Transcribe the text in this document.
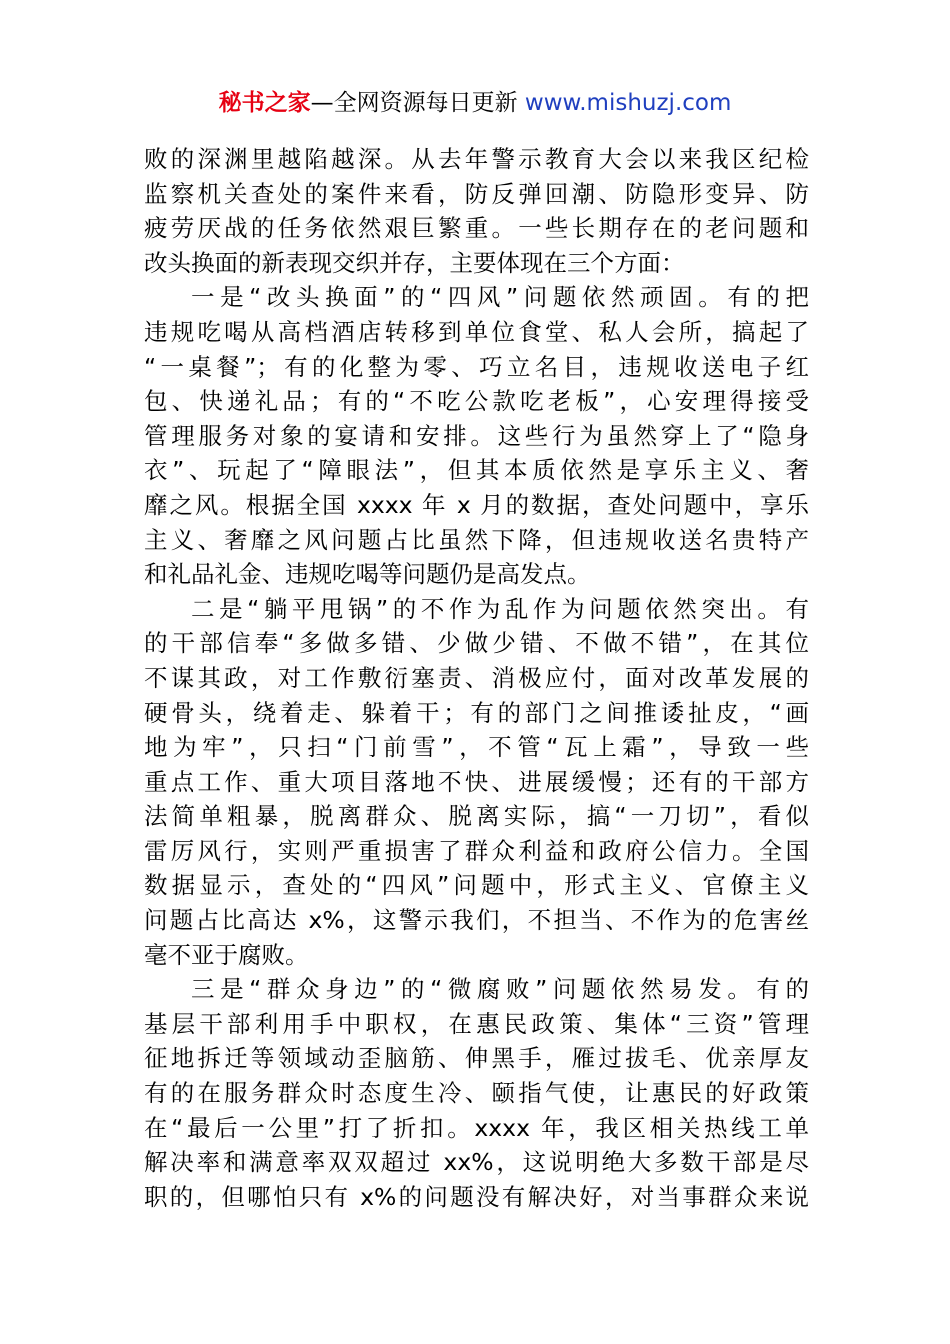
秘书之家—全网资源每日更新 www.mishuzj.com
败的深渊里越陷越深。从去年警示教育大会以来我区纪检
监察机关查处的案件来看，防反弹回潮、防隐形变异、防
疲劳厌战的任务依然艰巨繁重。一些长期存在的老问题和
改头换面的新表现交织并存，主要体现在三个方面：
一是“改头换面”的“四风”问题依然顽固。有的把
违规吃喝从高档酒店转移到单位食堂、私人会所，搞起了
“一桌餐”；有的化整为零、巧立名目，违规收送电子红
包、快递礼品；有的“不吃公款吃老板”，心安理得接受
管理服务对象的宴请和安排。这些行为虽然穿上了“隐身
衣”、玩起了“障眼法”，但其本质依然是享乐主义、奢
靡之风。根据全国 xxxx 年 x 月的数据，查处问题中，享乐
主义、奢靡之风问题占比虽然下降，但违规收送名贵特产
和礼品礼金、违规吃喝等问题仍是高发点。
二是“躺平甩锅”的不作为乱作为问题依然突出。有
的干部信奉“多做多错、少做少错、不做不错”，在其位
不谋其政，对工作敷衍塞责、消极应付，面对改革发展的
硬骨头，绕着走、躲着干；有的部门之间推诿扯皮，“画
地为牢”，只扫“门前雪”，不管“瓦上霜”，导致一些
重点工作、重大项目落地不快、进展缓慢；还有的干部方
法简单粗暴，脱离群众、脱离实际，搞“一刀切”，看似
雷厉风行，实则严重损害了群众利益和政府公信力。全国
数据显示，查处的“四风”问题中，形式主义、官僚主义
问题占比高达 x%，这警示我们，不担当、不作为的危害丝
毫不亚于腐败。
三是“群众身边”的“微腐败”问题依然易发。有的
基层干部利用手中职权，在惠民政策、集体“三资”管理
征地拆迁等领域动歪脑筋、伸黑手，雁过拔毛、优亲厚友
有的在服务群众时态度生冷、颐指气使，让惠民的好政策
在“最后一公里”打了折扣。xxxx 年，我区相关热线工单
解决率和满意率双双超过 xx%，这说明绝大多数干部是尽
职的，但哪怕只有 x%的问题没有解决好，对当事群众来说
